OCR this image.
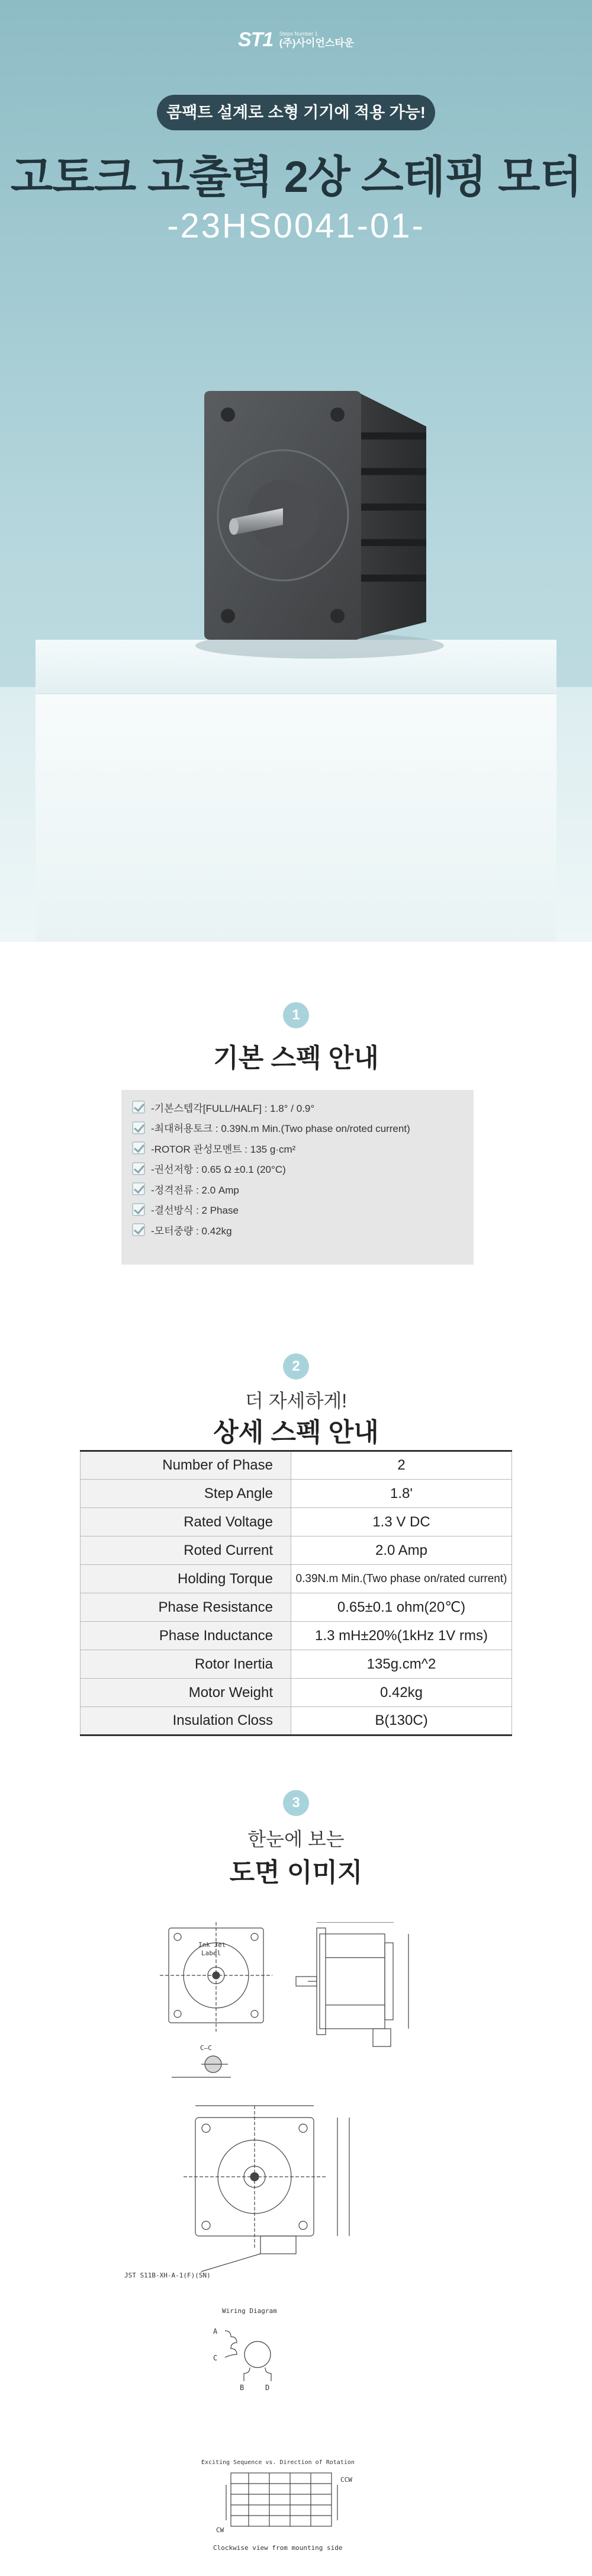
ST1 Steps Number 1
(주)사이언스타운
콤팩트 설계로 소형 기기에 적용 가능!
고토크 고출력 2상 스테핑 모터
-23HS0041-01-
1
기본 스펙 안내
-기본스텝각[FULL/HALF] : 1.8° / 0.9°
-최대허용토크 : 0.39N.m Min.(Two phase on/roted current)
-ROTOR 관성모멘트 : 135 g·cm²
-권선저항 : 0.65 Ω ±0.1 (20°C)
-정격전류 : 2.0 Amp
-결선방식 : 2 Phase
-모터중량 : 0.42kg
2
더 자세하게!
상세 스펙 안내
Number of Phase	2
Step Angle	1.8'
Rated Voltage	1.3 V DC
Roted Current	2.0 Amp
Holding Torque	0.39N.m Min.(Two phase on/rated current)
Phase Resistance	0.65±0.1 ohm(20℃)
Phase Inductance	1.3 mH±20%(1kHz 1V rms)
Rotor Inertia	135g.cm^2
Motor Weight	0.42kg
Insulation Closs	B(130C)
3
한눈에 보는
도면 이미지
Ink Jet
Label
C—C
JST S11B-XH-A-1(F)(SN)
Wiring Diagram
A
C
B	D
Exciting Sequence vs. Direction of Rotation
CCW
CW
Clockwise view from mounting side
